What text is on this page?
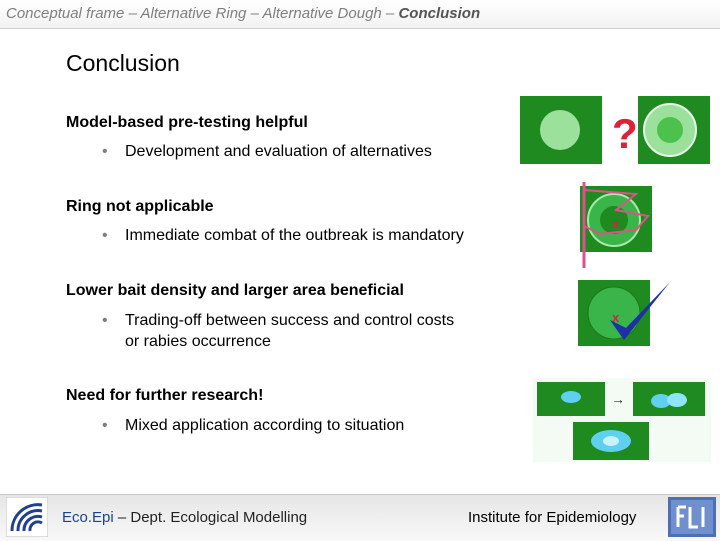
Conceptual frame – Alternative Ring – Alternative Dough – Conclusion
Conclusion
Model-based pre-testing helpful
• Development and evaluation of alternatives
Ring not applicable
• Immediate combat of the outbreak is mandatory
Lower bait density and larger area beneficial
• Trading-off between success and control costs
or rabies occurrence
Need for further research!
• Mixed application according to situation
?
x
x
→
Eco.Epi – Dept. Ecological Modelling	Institute for Epidemiology
